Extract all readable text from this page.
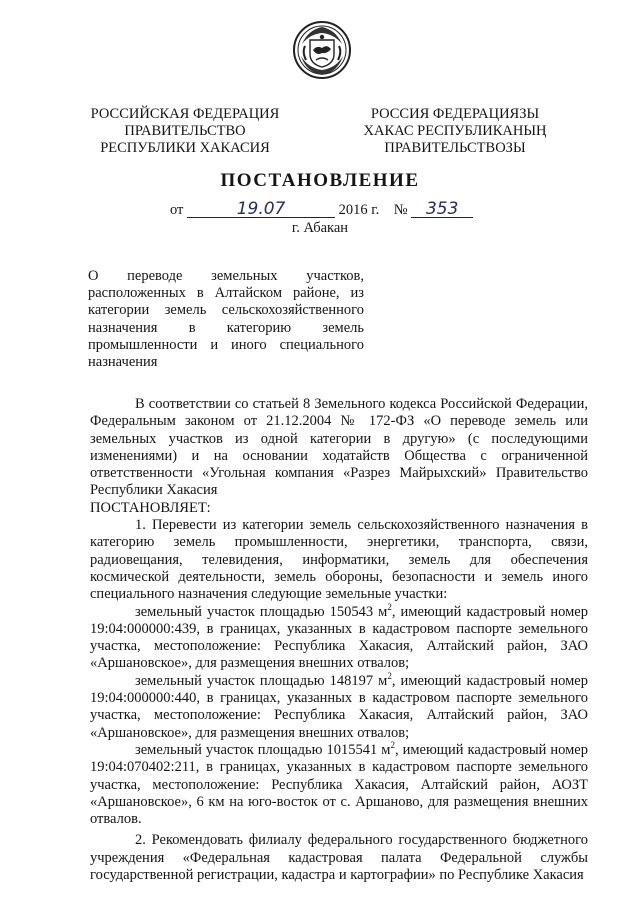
РОССИЙСКАЯ ФЕДЕРАЦИЯ
ПРАВИТЕЛЬСТВО
РЕСПУБЛИКИ ХАКАСИЯ
РОССИЯ ФЕДЕРАЦИЯЗЫ
ХАКАС РЕСПУБЛИКАНЫҢ
ПРАВИТЕЛЬСТВОЗЫ
ПОСТАНОВЛЕНИЕ
от	19.07	2016 г. № 353
г. Абакан

О переводе земельных участков,

расположенных в Алтайском районе, из

категории земель сельскохозяйственного

назначения в категорию земель

промышленности и иного специального

назначения

В соответствии со статьей 8 Земельного кодекса Российской Федерации, Федеральным законом от 21.12.2004 № 172-ФЗ «О переводе земель или земельных участков из одной категории в другую» (с последующими изменениями) и на основании ходатайств Общества с ограниченной ответственности «Угольная компания «Разрез Майрыхский» Правительство Республики Хакасия

ПОСТАНОВЛЯЕТ:

1. Перевести из категории земель сельскохозяйственного назначения в категорию земель промышленности, энергетики, транспорта, связи, радиовещания, телевидения, информатики, земель для обеспечения космической деятельности, земель обороны, безопасности и земель иного специального назначения следующие земельные участки:

земельный участок площадью 150543 $м^2$, имеющий кадастровый номер 19:04:000000:439, в границах, указанных в кадастровом паспорте земельного участка, местоположение: Республика Хакасия, Алтайский район, ЗАО «Аршановское», для размещения внешних отвалов;

земельный участок площадью 148197 $м^2$, имеющий кадастровый номер 19:04:000000:440, в границах, указанных в кадастровом паспорте земельного участка, местоположение: Республика Хакасия, Алтайский район, ЗАО «Аршановское», для размещения внешних отвалов;

земельный участок площадью 1015541 $м^2$, имеющий кадастровый номер 19:04:070402:211, в границах, указанных в кадастровом паспорте земельного участка, местоположение: Республика Хакасия, Алтайский район, АОЗТ «Аршановское», 6 км на юго-восток от с. Аршаново, для размещения внешних отвалов.

2. Рекомендовать филиалу федерального государственного бюджетного учреждения «Федеральная кадастровая палата Федеральной службы государственной регистрации, кадастра и картографии» по Республике Хакасия
